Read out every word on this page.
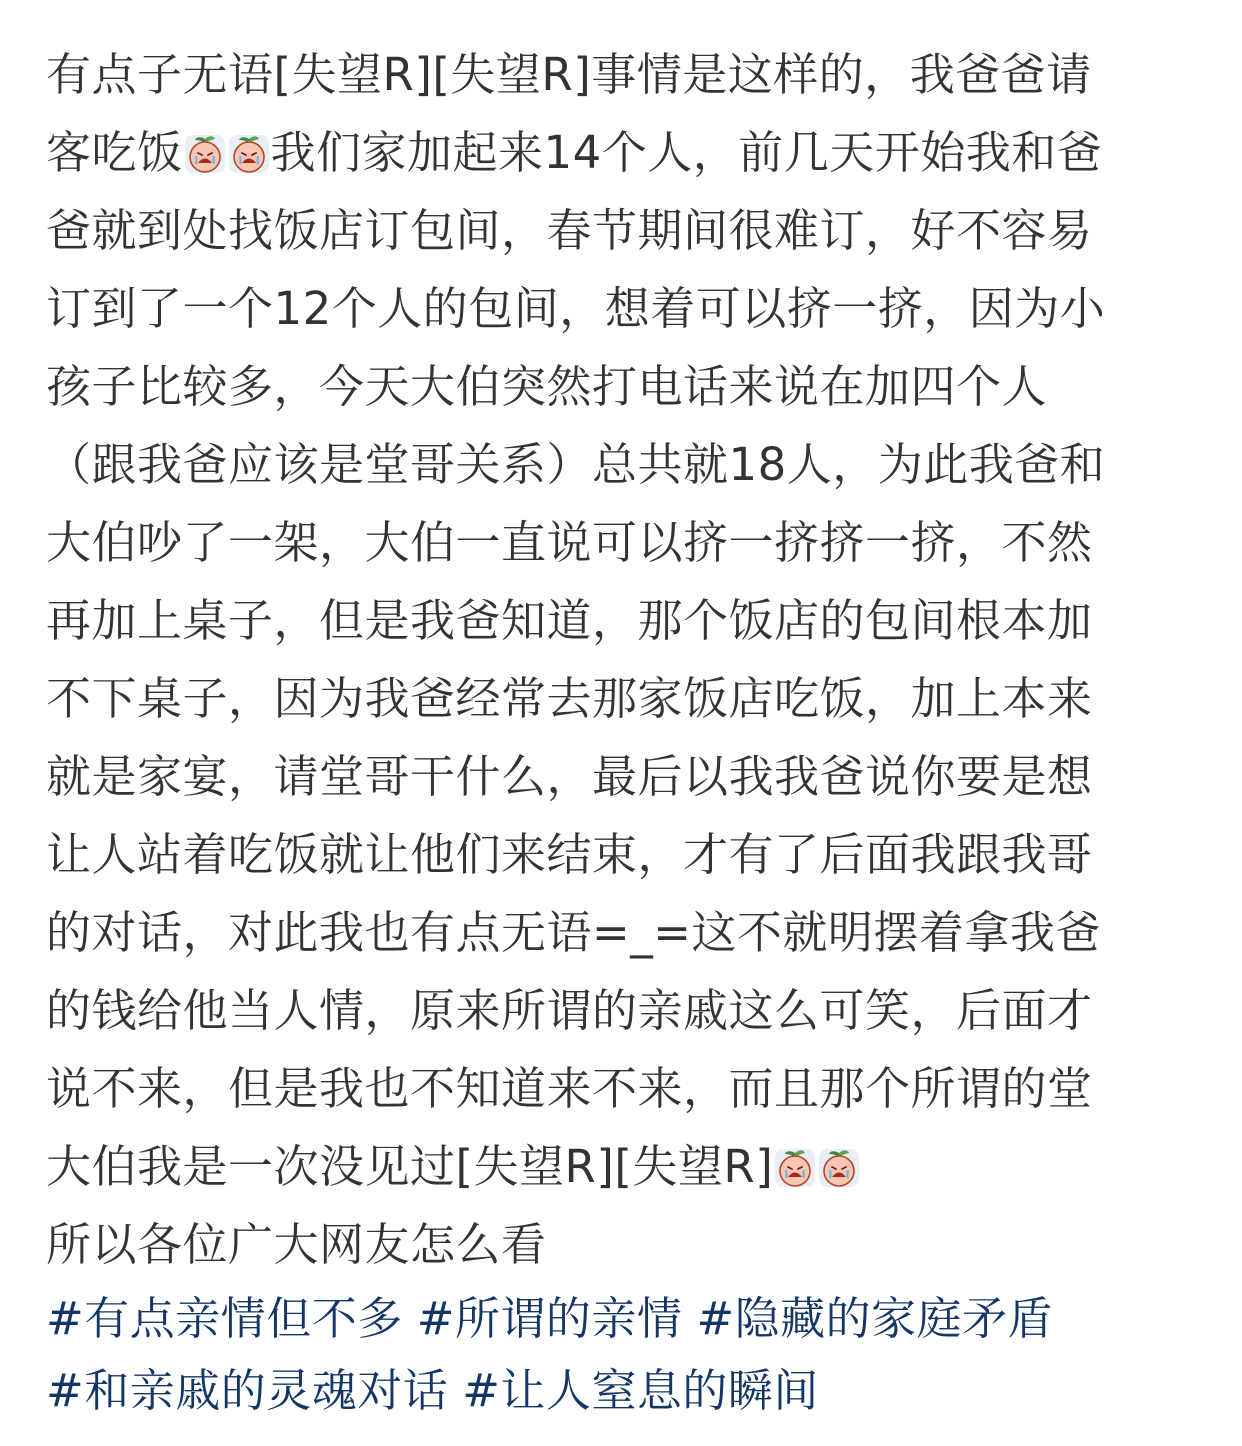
有点子无语[失望R][失望R]事情是这样的，我爸爸请
客吃饭 我们家加起来14个人，前几天开始我和爸
爸就到处找饭店订包间，春节期间很难订，好不容易
订到了一个12个人的包间，想着可以挤一挤，因为小
孩子比较多，今天大伯突然打电话来说在加四个人
（跟我爸应该是堂哥关系）总共就18人，为此我爸和
大伯吵了一架，大伯一直说可以挤一挤挤一挤，不然
再加上桌子，但是我爸知道，那个饭店的包间根本加
不下桌子，因为我爸经常去那家饭店吃饭，加上本来
就是家宴，请堂哥干什么，最后以我我爸说你要是想
让人站着吃饭就让他们来结束，才有了后面我跟我哥
的对话，对此我也有点无语=_=这不就明摆着拿我爸
的钱给他当人情，原来所谓的亲戚这么可笑，后面才
说不来，但是我也不知道来不来，而且那个所谓的堂
大伯我是一次没见过[失望R][失望R]
所以各位广大网友怎么看
#有点亲情但不多 #所谓的亲情 #隐藏的家庭矛盾
#和亲戚的灵魂对话 #让人窒息的瞬间
